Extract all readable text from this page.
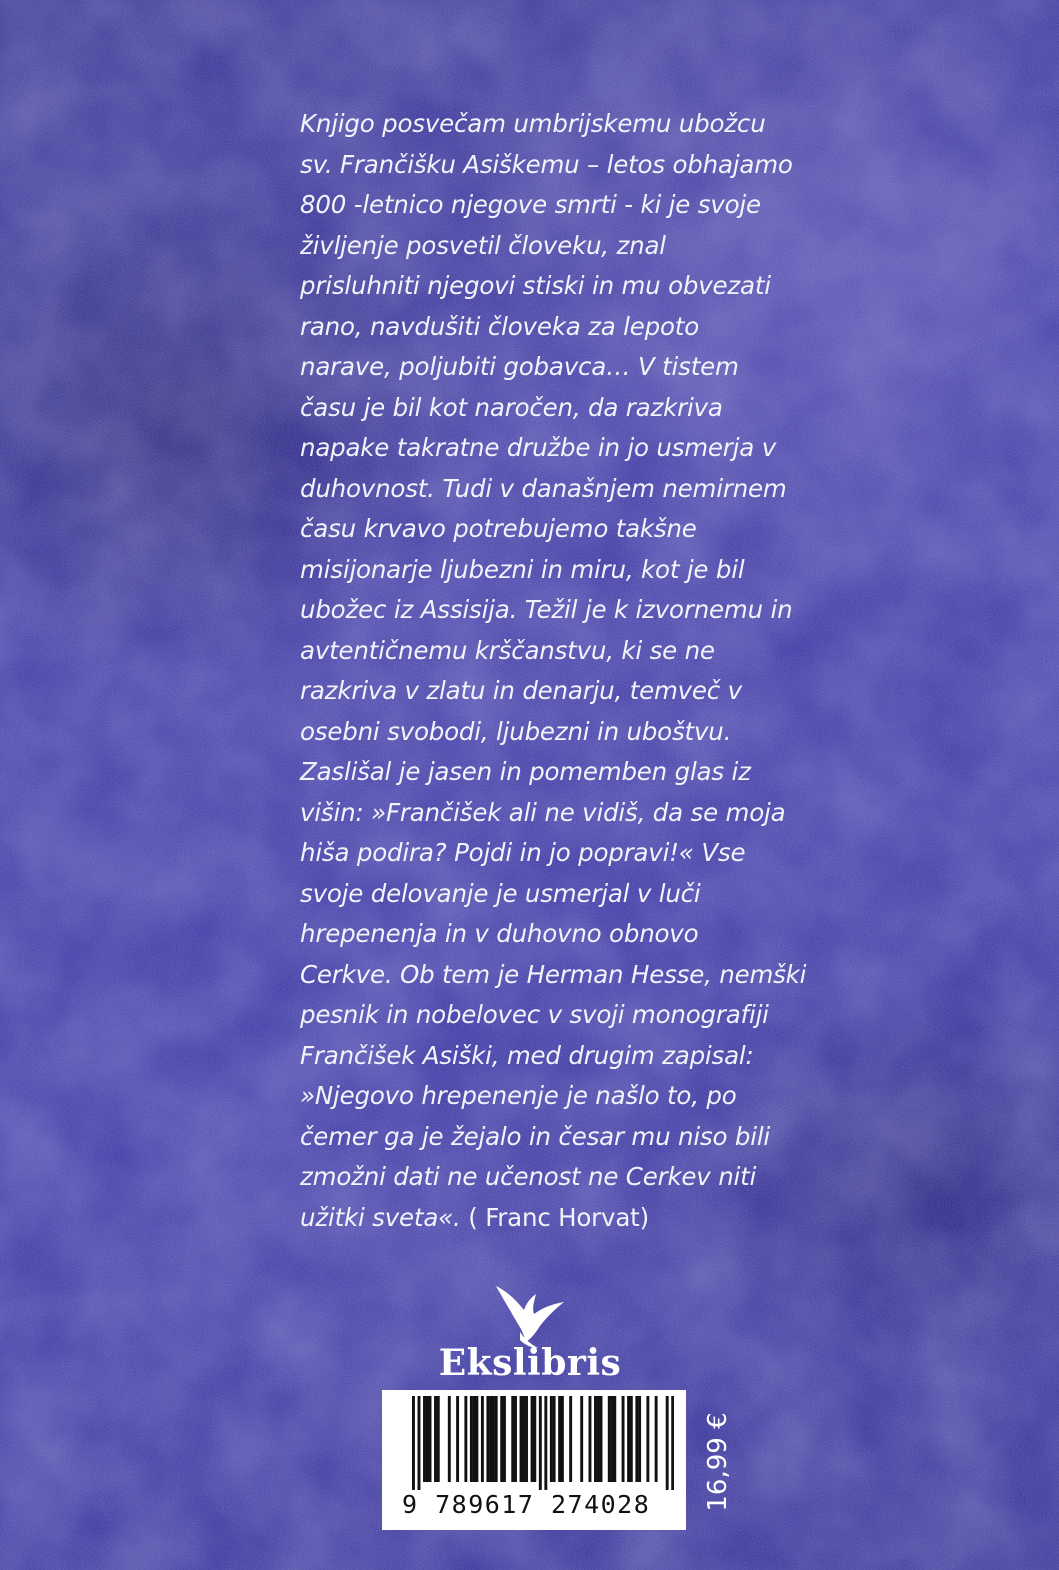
Knjigo posvečam umbrijskemu ubožcu
sv. Frančišku Asiškemu – letos obhajamo
800 -letnico njegove smrti - ki je svoje
življenje posvetil človeku, znal
prisluhniti njegovi stiski in mu obvezati
rano, navdušiti človeka za lepoto
narave, poljubiti gobavca… V tistem
času je bil kot naročen, da razkriva
napake takratne družbe in jo usmerja v
duhovnost. Tudi v današnjem nemirnem
času krvavo potrebujemo takšne
misijonarje ljubezni in miru, kot je bil
ubožec iz Assisija. Težil je k izvornemu in
avtentičnemu krščanstvu, ki se ne
razkriva v zlatu in denarju, temveč v
osebni svobodi, ljubezni in uboštvu.
Zaslišal je jasen in pomemben glas iz
višin: »Frančišek ali ne vidiš, da se moja
hiša podira? Pojdi in jo popravi!« Vse
svoje delovanje je usmerjal v luči
hrepenenja in v duhovno obnovo
Cerkve. Ob tem je Herman Hesse, nemški
pesnik in nobelovec v svoji monografiji
Frančišek Asiški, med drugim zapisal:
»Njegovo hrepenenje je našlo to, po
čemer ga je žejalo in česar mu niso bili
zmožni dati ne učenost ne Cerkev niti
užitki sveta«. ( Franc Horvat)

Ekslibris
9 789617 274028	16,99 €
